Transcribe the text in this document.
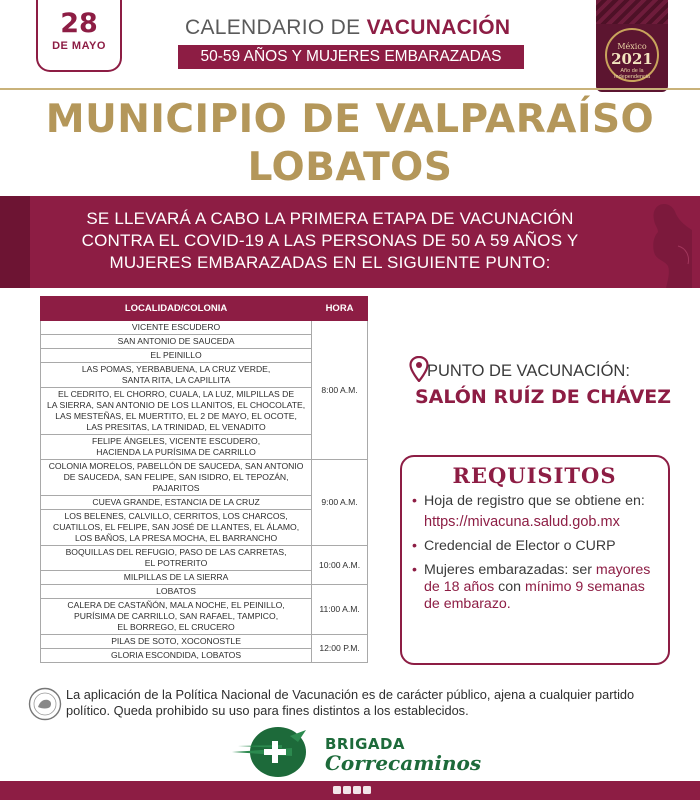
28
DE MAYO
CALENDARIO DE VACUNACIÓN
50-59 AÑOS Y MUJERES EMBARAZADAS
México
2021
Año de la Independencia
MUNICIPIO DE VALPARAÍSO
LOBATOS
SE LLEVARÁ A CABO LA PRIMERA ETAPA DE VACUNACIÓN
CONTRA EL COVID-19 A LAS PERSONAS DE 50 A 59 AÑOS Y
MUJERES EMBARAZADAS EN EL SIGUIENTE PUNTO:
LOCALIDAD/COLONIA	HORA

VICENTE ESCUDERO	8:00 A.M.

SAN ANTONIO DE SAUCEDA	

EL PEINILLO	

LAS POMAS, YERBABUENA, LA CRUZ VERDE,
SANTA RITA, LA CAPILLITA	

EL CEDRITO, EL CHORRO, CUALA, LA LUZ, MILPILLAS DE
LA SIERRA, SAN ANTONIO DE LOS LLANITOS, EL CHOCOLATE,
LAS MESTEÑAS, EL MUERTITO, EL 2 DE MAYO, EL OCOTE,
LAS PRESITAS, LA TRINIDAD, EL VENADITO	

FELIPE ÁNGELES, VICENTE ESCUDERO,
HACIENDA LA PURÍSIMA DE CARRILLO	

COLONIA MORELOS, PABELLÓN DE SAUCEDA, SAN ANTONIO
DE SAUCEDA, SAN FELIPE, SAN ISIDRO, EL TEPOZÁN, PAJARITOS	9:00 A.M.

CUEVA GRANDE, ESTANCIA DE LA CRUZ	

LOS BELENES, CALVILLO, CERRITOS, LOS CHARCOS,
CUATILLOS, EL FELIPE, SAN JOSÉ DE LLANTES, EL ÁLAMO,
LOS BAÑOS, LA PRESA MOCHA, EL BARRANCHO	

BOQUILLAS DEL REFUGIO, PASO DE LAS CARRETAS,
EL POTRERITO	10:00 A.M.

MILPILLAS DE LA SIERRA	

LOBATOS	11:00 A.M.

CALERA DE CASTAÑÓN, MALA NOCHE, EL PEINILLO,
PURÍSIMA DE CARRILLO, SAN RAFAEL, TAMPICO,
EL BORREGO, EL CRUCERO	

PILAS DE SOTO, XOCONOSTLE	12:00 P.M.

GLORIA ESCONDIDA, LOBATOS	
PUNTO DE VACUNACIÓN:
SALÓN RUÍZ DE CHÁVEZ
REQUISITOS
• Hoja de registro que se obtiene en:
https://mivacuna.salud.gob.mx
• Credencial de Elector o CURP
• Mujeres embarazadas: ser mayores de 18 años con mínimo 9 semanas de embarazo.
La aplicación de la Política Nacional de Vacunación es de carácter público, ajena a cualquier partido político. Queda prohibido su uso para fines distintos a los establecidos.
BRIGADA
Correcaminos
